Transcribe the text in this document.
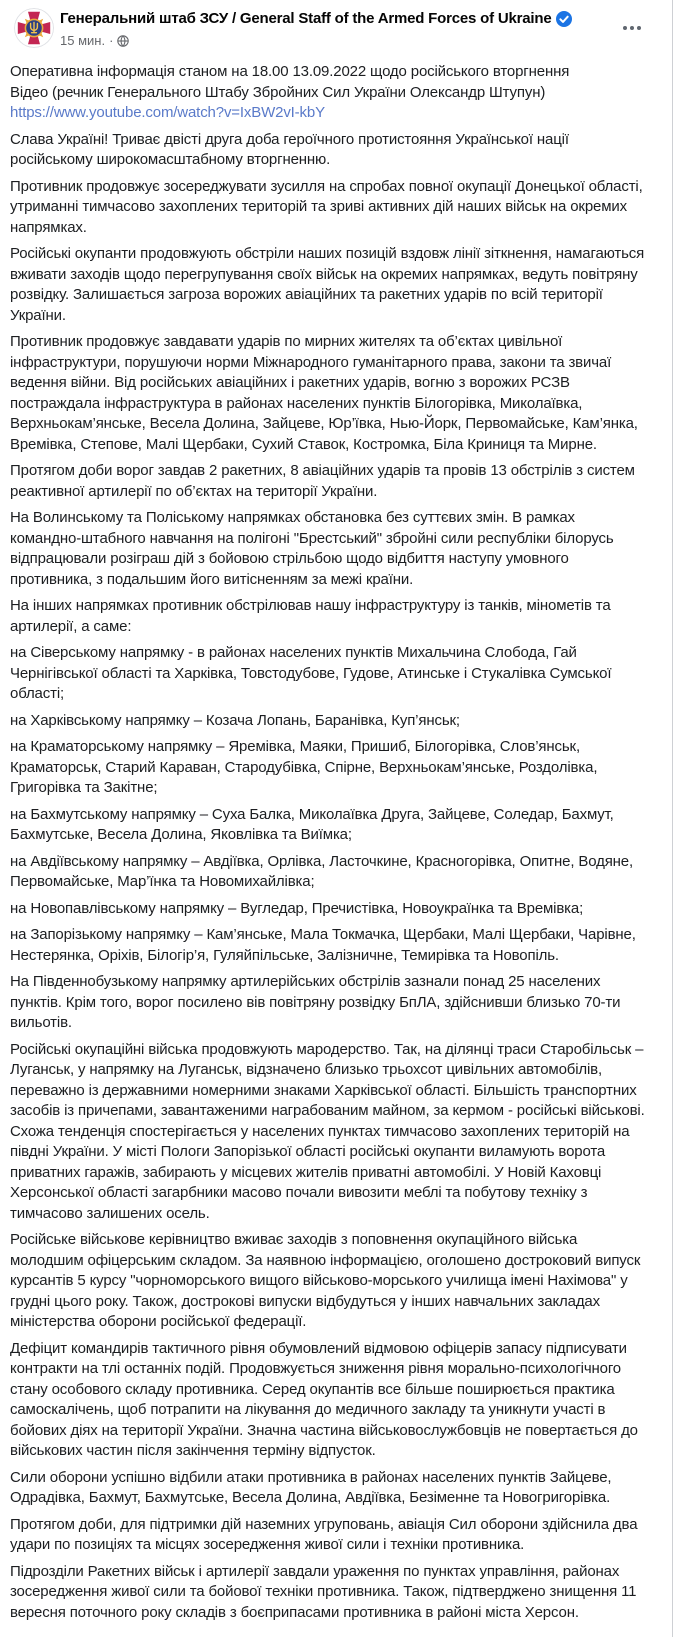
Генеральний штаб ЗСУ / General Staff of the Armed Forces of Ukraine
15 мин. ·

Оперативна інформація станом на 18.00 13.09.2022 щодо російського вторгнення

Відео (речник Генерального Штабу Збройних Сил України Олександр Штупун)

https://www.youtube.com/watch?v=IxBW2vI-kbY

Слава Україні! Триває двісті друга доба героїчного протистояння Української нації російському широкомасштабному вторгненню.

Противник продовжує зосереджувати зусилля на спробах повної окупації Донецької області, утриманні тимчасово захоплених територій та зриві активних дій наших військ на окремих напрямках.

Російські окупанти продовжують обстріли наших позицій вздовж лінії зіткнення, намагаються вживати заходів щодо перегрупування своїх військ на окремих напрямках, ведуть повітряну розвідку. Залишається загроза ворожих авіаційних та ракетних ударів по всій території України.

Противник продовжує завдавати ударів по мирних жителях та об’єктах цивільної інфраструктури, порушуючи норми Міжнародного гуманітарного права, закони та звичаї ведення війни. Від російських авіаційних і ракетних ударів, вогню з ворожих РСЗВ постраждала інфраструктура в районах населених пунктів Білогорівка, Миколаївка, Верхньокам’янське, Весела Долина, Зайцеве, Юр’ївка, Нью-Йорк, Первомайське, Кам’янка, Времівка, Степове, Малі Щербаки, Сухий Ставок, Костромка, Біла Криниця та Мирне.

Протягом доби ворог завдав 2 ракетних, 8 авіаційних ударів та провів 13 обстрілів з систем реактивної артилерії по об’єктах на території України.

На Волинському та Поліському напрямках обстановка без суттєвих змін. В рамках командно-штабного навчання на полігоні "Брестський" збройні сили республіки білорусь відпрацювали розіграш дій з бойовою стрільбою щодо відбиття наступу умовного противника, з подальшим його витісненням за межі країни.

На інших напрямках противник обстрілював нашу інфраструктуру із танків, мінометів та артилерії, а саме:

на Сіверському напрямку - в районах населених пунктів Михальчина Слобода, Гай Чернігівської області та Харківка, Товстодубове, Гудове, Атинське і Стукалівка Сумської області;

на Харківському напрямку – Козача Лопань, Баранівка, Куп’янськ;

на Краматорському напрямку – Яремівка, Маяки, Пришиб, Білогорівка, Слов’янськ, Краматорськ, Старий Караван, Стародубівка, Спірне, Верхньокам’янське, Роздолівка, Григорівка та Закітне;

на Бахмутському напрямку – Суха Балка, Миколаївка Друга, Зайцеве, Соледар, Бахмут, Бахмутське, Весела Долина, Яковлівка та Виїмка;

на Авдіївському напрямку – Авдіївка, Орлівка, Ласточкине, Красногорівка, Опитне, Водяне, Первомайське, Мар’їнка та Новомихайлівка;

на Новопавлівському напрямку – Вугледар, Пречистівка, Новоукраїнка та Времівка;

на Запорізькому напрямку – Кам’янське, Мала Токмачка, Щербаки, Малі Щербаки, Чарівне, Нестерянка, Оріхів, Білогір’я, Гуляйпільське, Залізничне, Темирівка та Новопіль.

На Південнобузькому напрямку артилерійських обстрілів зазнали понад 25 населених пунктів. Крім того, ворог посилено вів повітряну розвідку БпЛА, здійснивши близько 70-ти вильотів.

Російські окупаційні війська продовжують мародерство. Так, на ділянці траси Старобільськ – Луганськ, у напрямку на Луганськ, відзначено близько трьохсот цивільних автомобілів, переважно із державними номерними знаками Харківської області. Більшість транспортних засобів із причепами, завантаженими награбованим майном, за кермом - російські військові. Схожа тенденція спостерігається у населених пунктах тимчасово захоплених територій на півдні України. У місті Пологи Запорізької області російські окупанти виламують ворота приватних гаражів, забирають у місцевих жителів приватні автомобілі. У Новій Каховці Херсонської області загарбники масово почали вивозити меблі та побутову техніку з тимчасово залишених осель.

Російське військове керівництво вживає заходів з поповнення окупаційного війська молодшим офіцерським складом. За наявною інформацією, оголошено достроковий випуск курсантів 5 курсу "чорноморського вищого військово-морського училища імені Нахімова" у грудні цього року. Також, дострокові випуски відбудуться у інших навчальних закладах міністерства оборони російської федерації.

Дефіцит командирів тактичного рівня обумовлений відмовою офіцерів запасу підписувати контракти на тлі останніх подій. Продовжується зниження рівня морально-психологічного стану особового складу противника. Серед окупантів все більше поширюється практика самоскалічень, щоб потрапити на лікування до медичного закладу та уникнути участі в бойових діях на території України. Значна частина військовослужбовців не повертається до військових частин після закінчення терміну відпусток.

Сили оборони успішно відбили атаки противника в районах населених пунктів Зайцеве, Одрадівка, Бахмут, Бахмутське, Весела Долина, Авдіївка, Безіменне та Новогригорівка.

Протягом доби, для підтримки дій наземних угруповань, авіація Сил оборони здійснила два удари по позиціях та місцях зосередження живої сили і техніки противника.

Підрозділи Ракетних військ і артилерії завдали ураження по пунктах управління, районах зосередження живої сили та бойової техніки противника. Також, підтверджено знищення 11 вересня поточного року складів з боєприпасами противника в районі міста Херсон.
